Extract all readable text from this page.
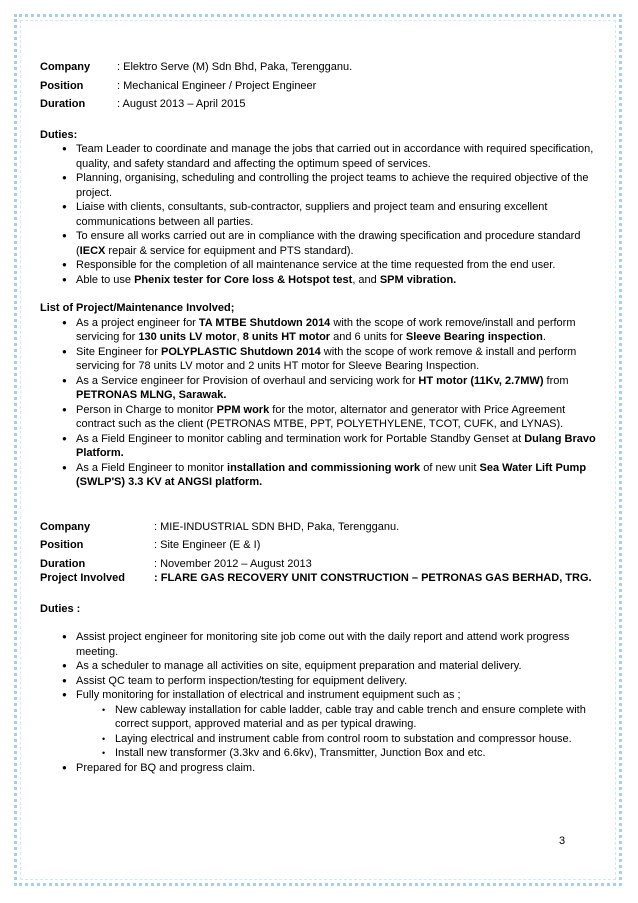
Company	: Elektro Serve (M) Sdn Bhd, Paka, Terengganu.
Position	: Mechanical Engineer / Project Engineer
Duration	: August 2013 – April 2015
Duties:
● Team Leader to coordinate and manage the jobs that carried out in accordance with required specification, quality, and safety standard and affecting the optimum speed of services.
● Planning, organising, scheduling and controlling the project teams to achieve the required objective of the project.
● Liaise with clients, consultants, sub-contractor, suppliers and project team and ensuring excellent communications between all parties.
● To ensure all works carried out are in compliance with the drawing specification and procedure standard (IECX repair & service for equipment and PTS standard).
● Responsible for the completion of all maintenance service at the time requested from the end user.
● Able to use Phenix tester for Core loss & Hotspot test, and SPM vibration.
List of Project/Maintenance Involved;
● As a project engineer for TA MTBE Shutdown 2014 with the scope of work remove/install and perform servicing for 130 units LV motor, 8 units HT motor and 6 units for Sleeve Bearing inspection.
● Site Engineer for POLYPLASTIC Shutdown 2014 with the scope of work remove & install and perform servicing for 78 units LV motor and 2 units HT motor for Sleeve Bearing Inspection.
● As a Service engineer for Provision of overhaul and servicing work for HT motor (11Kv, 2.7MW) from PETRONAS MLNG, Sarawak.
● Person in Charge to monitor PPM work for the motor, alternator and generator with Price Agreement contract such as the client (PETRONAS MTBE, PPT, POLYETHYLENE, TCOT, CUFK, and LYNAS).
● As a Field Engineer to monitor cabling and termination work for Portable Standby Genset at Dulang Bravo Platform.
● As a Field Engineer to monitor installation and commissioning work of new unit Sea Water Lift Pump (SWLP'S) 3.3 KV at ANGSI platform.
Company	: MIE-INDUSTRIAL SDN BHD, Paka, Terengganu.
Position	: Site Engineer (E & I)
Duration	: November 2012 – August 2013
Project Involved	: FLARE GAS RECOVERY UNIT CONSTRUCTION – PETRONAS GAS BERHAD, TRG.
Duties :
● Assist project engineer for monitoring site job come out with the daily report and attend work progress meeting.
● As a scheduler to manage all activities on site, equipment preparation and material delivery.
● Assist QC team to perform inspection/testing for equipment delivery.
● Fully monitoring for installation of electrical and instrument equipment such as ;
• New cableway installation for cable ladder, cable tray and cable trench and ensure complete with correct support, approved material and as per typical drawing.
• Laying electrical and instrument cable from control room to substation and compressor house.
• Install new transformer (3.3kv and 6.6kv), Transmitter, Junction Box and etc.
● Prepared for BQ and progress claim.
3
